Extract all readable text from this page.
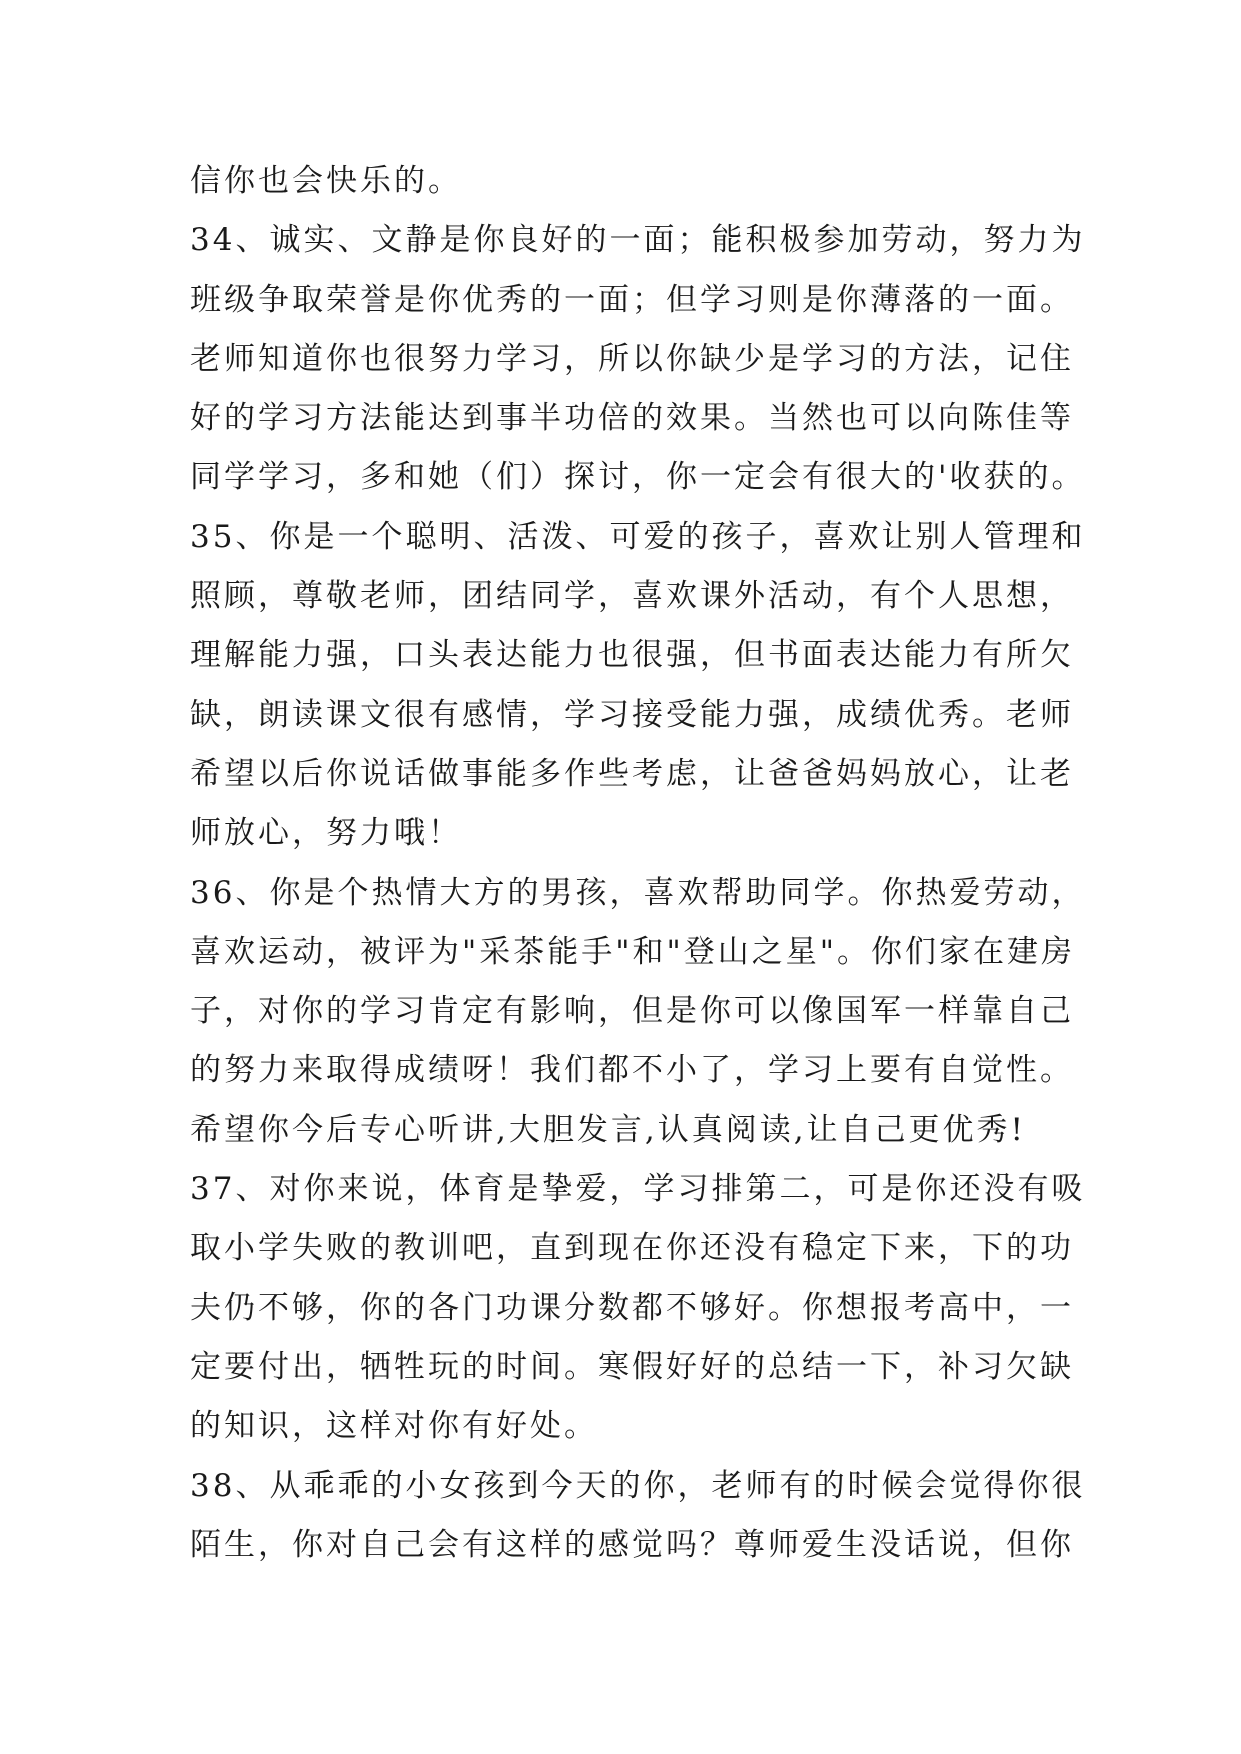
信你也会快乐的。
34、诚实、文静是你良好的一面；能积极参加劳动，努力为
班级争取荣誉是你优秀的一面；但学习则是你薄落的一面。
老师知道你也很努力学习，所以你缺少是学习的方法，记住
好的学习方法能达到事半功倍的效果。当然也可以向陈佳等
同学学习，多和她（们）探讨，你一定会有很大的'收获的。
35、你是一个聪明、活泼、可爱的孩子，喜欢让别人管理和
照顾，尊敬老师，团结同学，喜欢课外活动，有个人思想，
理解能力强，口头表达能力也很强，但书面表达能力有所欠
缺，朗读课文很有感情，学习接受能力强，成绩优秀。老师
希望以后你说话做事能多作些考虑，让爸爸妈妈放心，让老
师放心，努力哦！
36、你是个热情大方的男孩，喜欢帮助同学。你热爱劳动，
喜欢运动，被评为"采茶能手"和"登山之星"。你们家在建房
子，对你的学习肯定有影响，但是你可以像国军一样靠自己
的努力来取得成绩呀！我们都不小了，学习上要有自觉性。
希望你今后专心听讲,大胆发言,认真阅读,让自己更优秀!
37、对你来说，体育是挚爱，学习排第二，可是你还没有吸
取小学失败的教训吧，直到现在你还没有稳定下来，下的功
夫仍不够，你的各门功课分数都不够好。你想报考高中，一
定要付出，牺牲玩的时间。寒假好好的总结一下，补习欠缺
的知识，这样对你有好处。
38、从乖乖的小女孩到今天的你，老师有的时候会觉得你很
陌生，你对自己会有这样的感觉吗？尊师爱生没话说，但你
